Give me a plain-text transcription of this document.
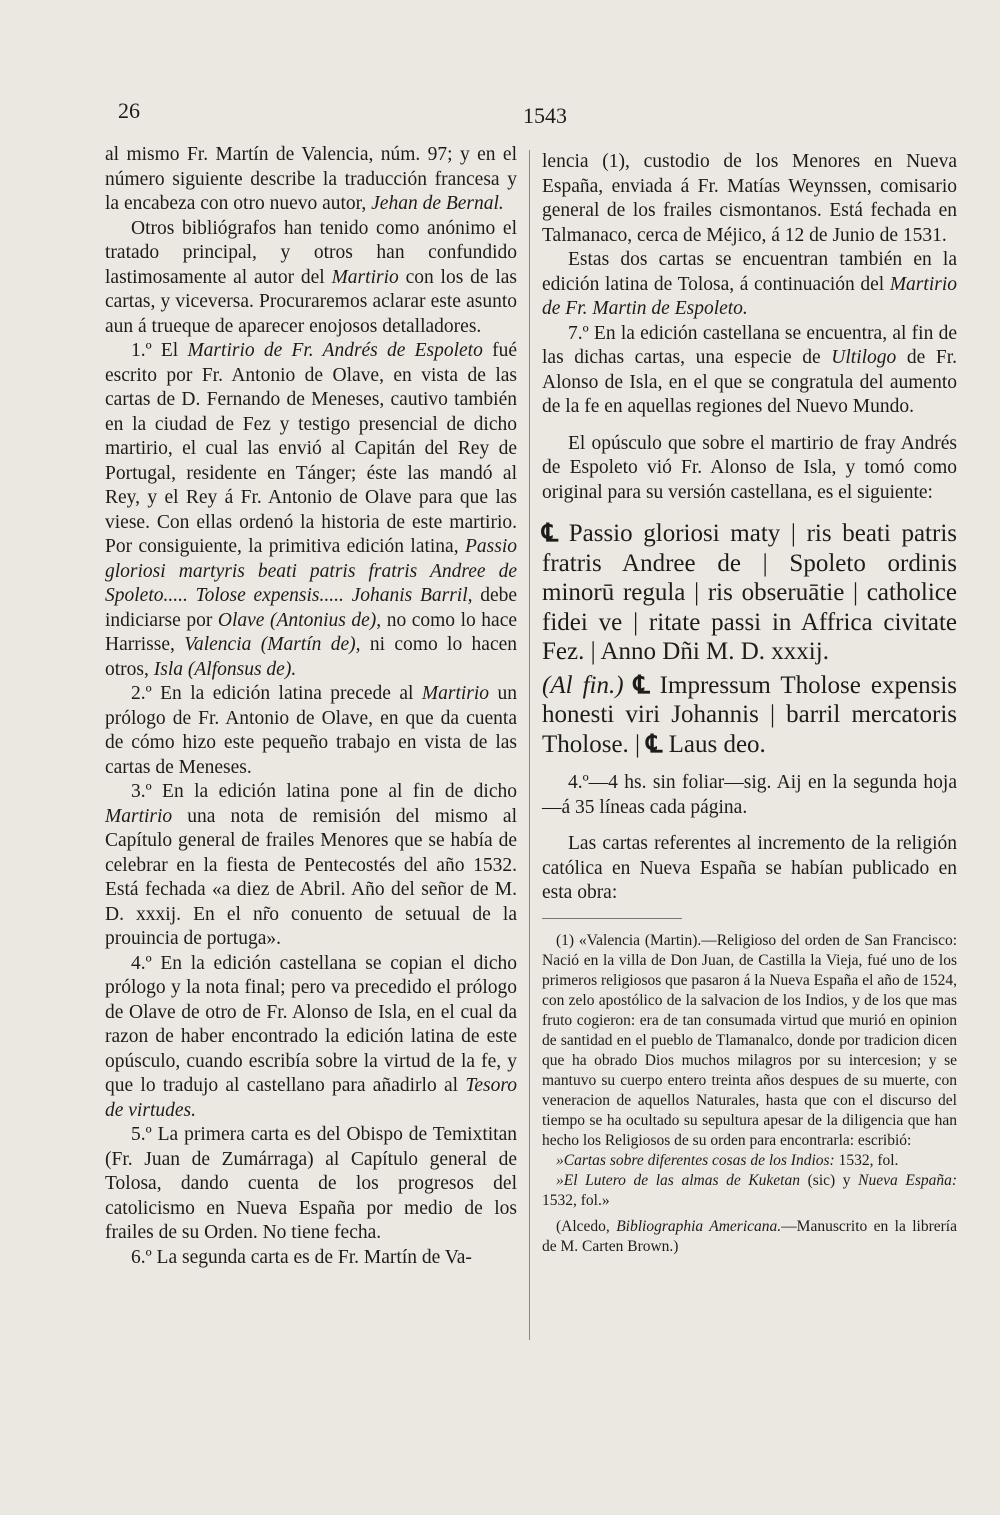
26	1543

al mismo Fr. Martín de Valencia, núm. 97; y en el número siguiente describe la traducción francesa y la encabeza con otro nuevo autor, Jehan de Bernal.

Otros bibliógrafos han tenido como anónimo el tratado principal, y otros han confundido lastimosamente al autor del Martirio con los de las cartas, y viceversa. Procuraremos aclarar este asunto aun á trueque de aparecer enojosos detalladores.

1.º El Martirio de Fr. Andrés de Espoleto fué escrito por Fr. Antonio de Olave, en vista de las cartas de D. Fernando de Meneses, cautivo también en la ciudad de Fez y testigo presencial de dicho martirio, el cual las envió al Capitán del Rey de Portugal, residente en Tánger; éste las mandó al Rey, y el Rey á Fr. Antonio de Olave para que las viese. Con ellas ordenó la historia de este martirio. Por consiguiente, la primitiva edición latina, Passio gloriosi martyris beati patris fratris Andree de Spoleto..... Tolose expensis..... Johanis Barril, debe indiciarse por Olave (Antonius de), no como lo hace Harrisse, Valencia (Martín de), ni como lo hacen otros, Isla (Alfonsus de).

2.º En la edición latina precede al Martirio un prólogo de Fr. Antonio de Olave, en que da cuenta de cómo hizo este pequeño trabajo en vista de las cartas de Meneses.

3.º En la edición latina pone al fin de dicho Martirio una nota de remisión del mismo al Capítulo general de frailes Menores que se había de celebrar en la fiesta de Pentecostés del año 1532. Está fechada «a diez de Abril. Año del señor de M. D. xxxij. En el nr̃o conuento de setuual de la prouincia de portuga».

4.º En la edición castellana se copian el dicho prólogo y la nota final; pero va precedido el prólogo de Olave de otro de Fr. Alonso de Isla, en el cual da razon de haber encontrado la edición latina de este opúsculo, cuando escribía sobre la virtud de la fe, y que lo tradujo al castellano para añadirlo al Tesoro de virtudes.

5.º La primera carta es del Obispo de Temixtitan (Fr. Juan de Zumárraga) al Capítulo general de Tolosa, dando cuenta de los progresos del catolicismo en Nueva España por medio de los frailes de su Orden. No tiene fecha.

6.º La segunda carta es de Fr. Martín de Va-

lencia (1), custodio de los Menores en Nueva España, enviada á Fr. Matías Weynssen, comisario general de los frailes cismontanos. Está fechada en Talmanaco, cerca de Méjico, á 12 de Junio de 1531.

Estas dos cartas se encuentran también en la edición latina de Tolosa, á continuación del Martirio de Fr. Martin de Espoleto.

7.º En la edición castellana se encuentra, al fin de las dichas cartas, una especie de Ultilogo de Fr. Alonso de Isla, en el que se congratula del aumento de la fe en aquellas regiones del Nuevo Mundo.

El opúsculo que sobre el martirio de fray Andrés de Espoleto vió Fr. Alonso de Isla, y tomó como original para su versión castellana, es el siguiente:

℄ Passio gloriosi maty | ris beati patris fratris Andree de | Spoleto ordinis minorū regula | ris obseruātie | catholice fidei ve | ritate passi in Affrica civitate Fez. | Anno Dñi M. D. xxxij.

(Al fin.) ℄ Impressum Tholose expensis honesti viri Johannis | barril mercatoris Tholose. | ℄ Laus deo.

4.º—4 hs. sin foliar—sig. Aij en la segunda hoja—á 35 líneas cada página.

Las cartas referentes al incremento de la religión católica en Nueva España se habían publicado en esta obra:

(1) «Valencia (Martin).—Religioso del orden de San Francisco: Nació en la villa de Don Juan, de Castilla la Vieja, fué uno de los primeros religiosos que pasaron á la Nueva España el año de 1524, con zelo apostólico de la salvacion de los Indios, y de los que mas fruto cogieron: era de tan consumada virtud que murió en opinion de santidad en el pueblo de Tlamanalco, donde por tradicion dicen que ha obrado Dios muchos milagros por su intercesion; y se mantuvo su cuerpo entero treinta años despues de su muerte, con veneracion de aquellos Naturales, hasta que con el discurso del tiempo se ha ocultado su sepultura apesar de la diligencia que han hecho los Religiosos de su orden para encontrarla: escribió:

»Cartas sobre diferentes cosas de los Indios: 1532, fol.

»El Lutero de las almas de Kuketan (sic) y Nueva España: 1532, fol.»

(Alcedo, Bibliographia Americana.—Manuscrito en la librería de M. Carten Brown.)
